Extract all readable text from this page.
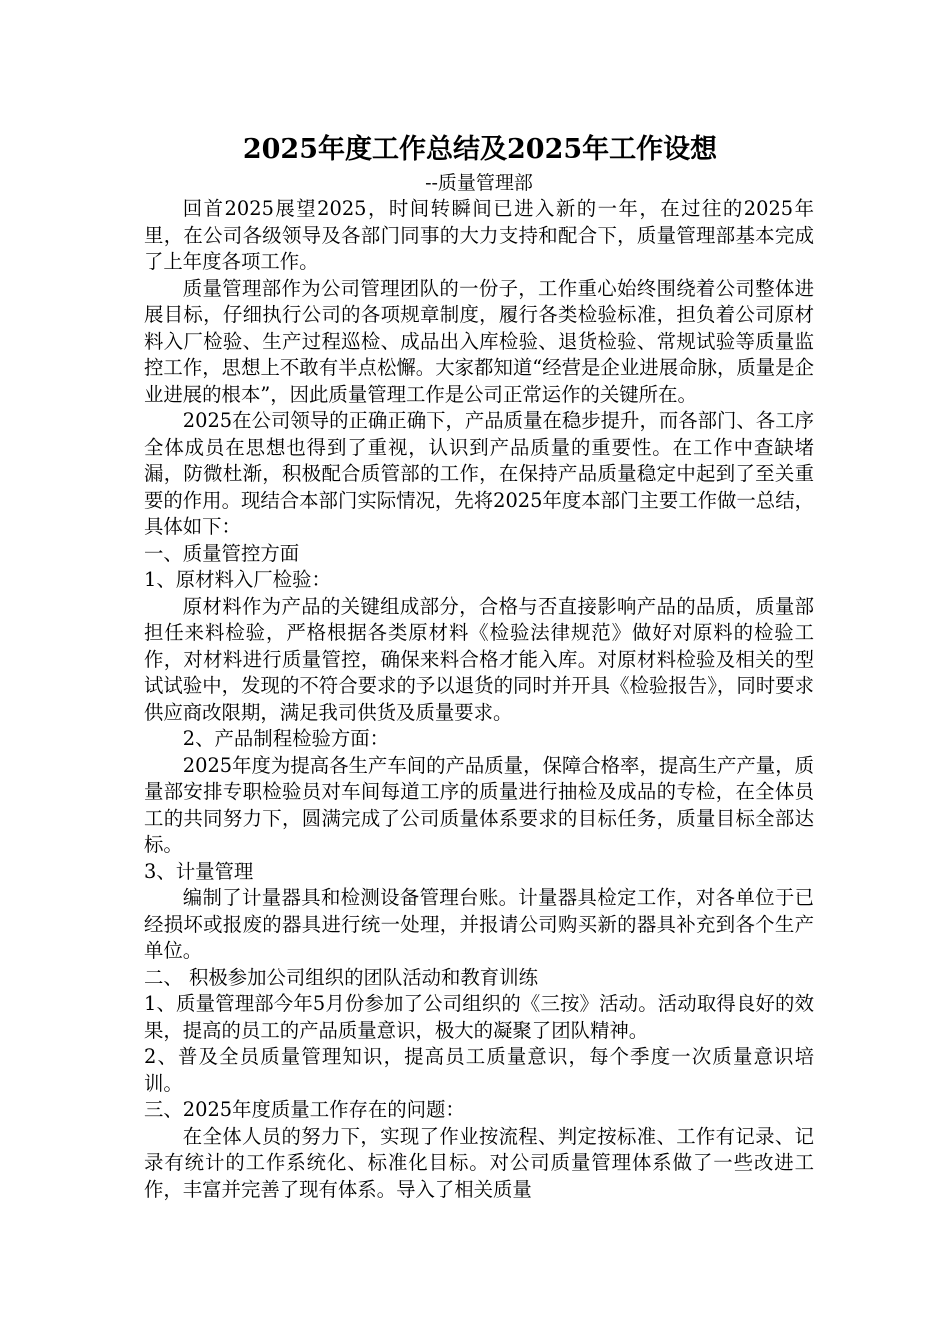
2025年度工作总结及2025年工作设想
--质量管理部

回首2025展望2025，时间转瞬间已进入新的一年，在过往的2025年里，在公司各级领导及各部门同事的大力支持和配合下，质量管理部基本完成了上年度各项工作。

质量管理部作为公司管理团队的一份子，工作重心始终围绕着公司整体进展目标，仔细执行公司的各项规章制度，履行各类检验标准，担负着公司原材料入厂检验、生产过程巡检、成品出入库检验、退货检验、常规试验等质量监控工作，思想上不敢有半点松懈。大家都知道“经营是企业进展命脉，质量是企业进展的根本”，因此质量管理工作是公司正常运作的关键所在。

2025在公司领导的正确正确下，产品质量在稳步提升，而各部门、各工序全体成员在思想也得到了重视，认识到产品质量的重要性。在工作中查缺堵漏，防微杜渐，积极配合质管部的工作，在保持产品质量稳定中起到了至关重要的作用。现结合本部门实际情况，先将2025年度本部门主要工作做一总结，具体如下：

一、质量管控方面

1、原材料入厂检验：

原材料作为产品的关键组成部分，合格与否直接影响产品的品质，质量部担任来料检验，严格根据各类原材料《检验法律规范》做好对原料的检验工作，对材料进行质量管控，确保来料合格才能入库。对原材料检验及相关的型试试验中，发现的不符合要求的予以退货的同时并开具《检验报告》，同时要求供应商改限期，满足我司供货及质量要求。

2、产品制程检验方面：

2025年度为提高各生产车间的产品质量，保障合格率，提高生产产量，质量部安排专职检验员对车间每道工序的质量进行抽检及成品的专检，在全体员工的共同努力下，圆满完成了公司质量体系要求的目标任务，质量目标全部达标。

3、计量管理

编制了计量器具和检测设备管理台账。计量器具检定工作，对各单位于已经损坏或报废的器具进行统一处理，并报请公司购买新的器具补充到各个生产单位。

二、 积极参加公司组织的团队活动和教育训练

1、质量管理部今年5月份参加了公司组织的《三按》活动。活动取得良好的效果，提高的员工的产品质量意识，极大的凝聚了团队精神。

2、普及全员质量管理知识，提高员工质量意识，每个季度一次质量意识培训。

三、2025年度质量工作存在的问题：

在全体人员的努力下，实现了作业按流程、判定按标准、工作有记录、记录有统计的工作系统化、标准化目标。对公司质量管理体系做了一些改进工作，丰富并完善了现有体系。导入了相关质量
